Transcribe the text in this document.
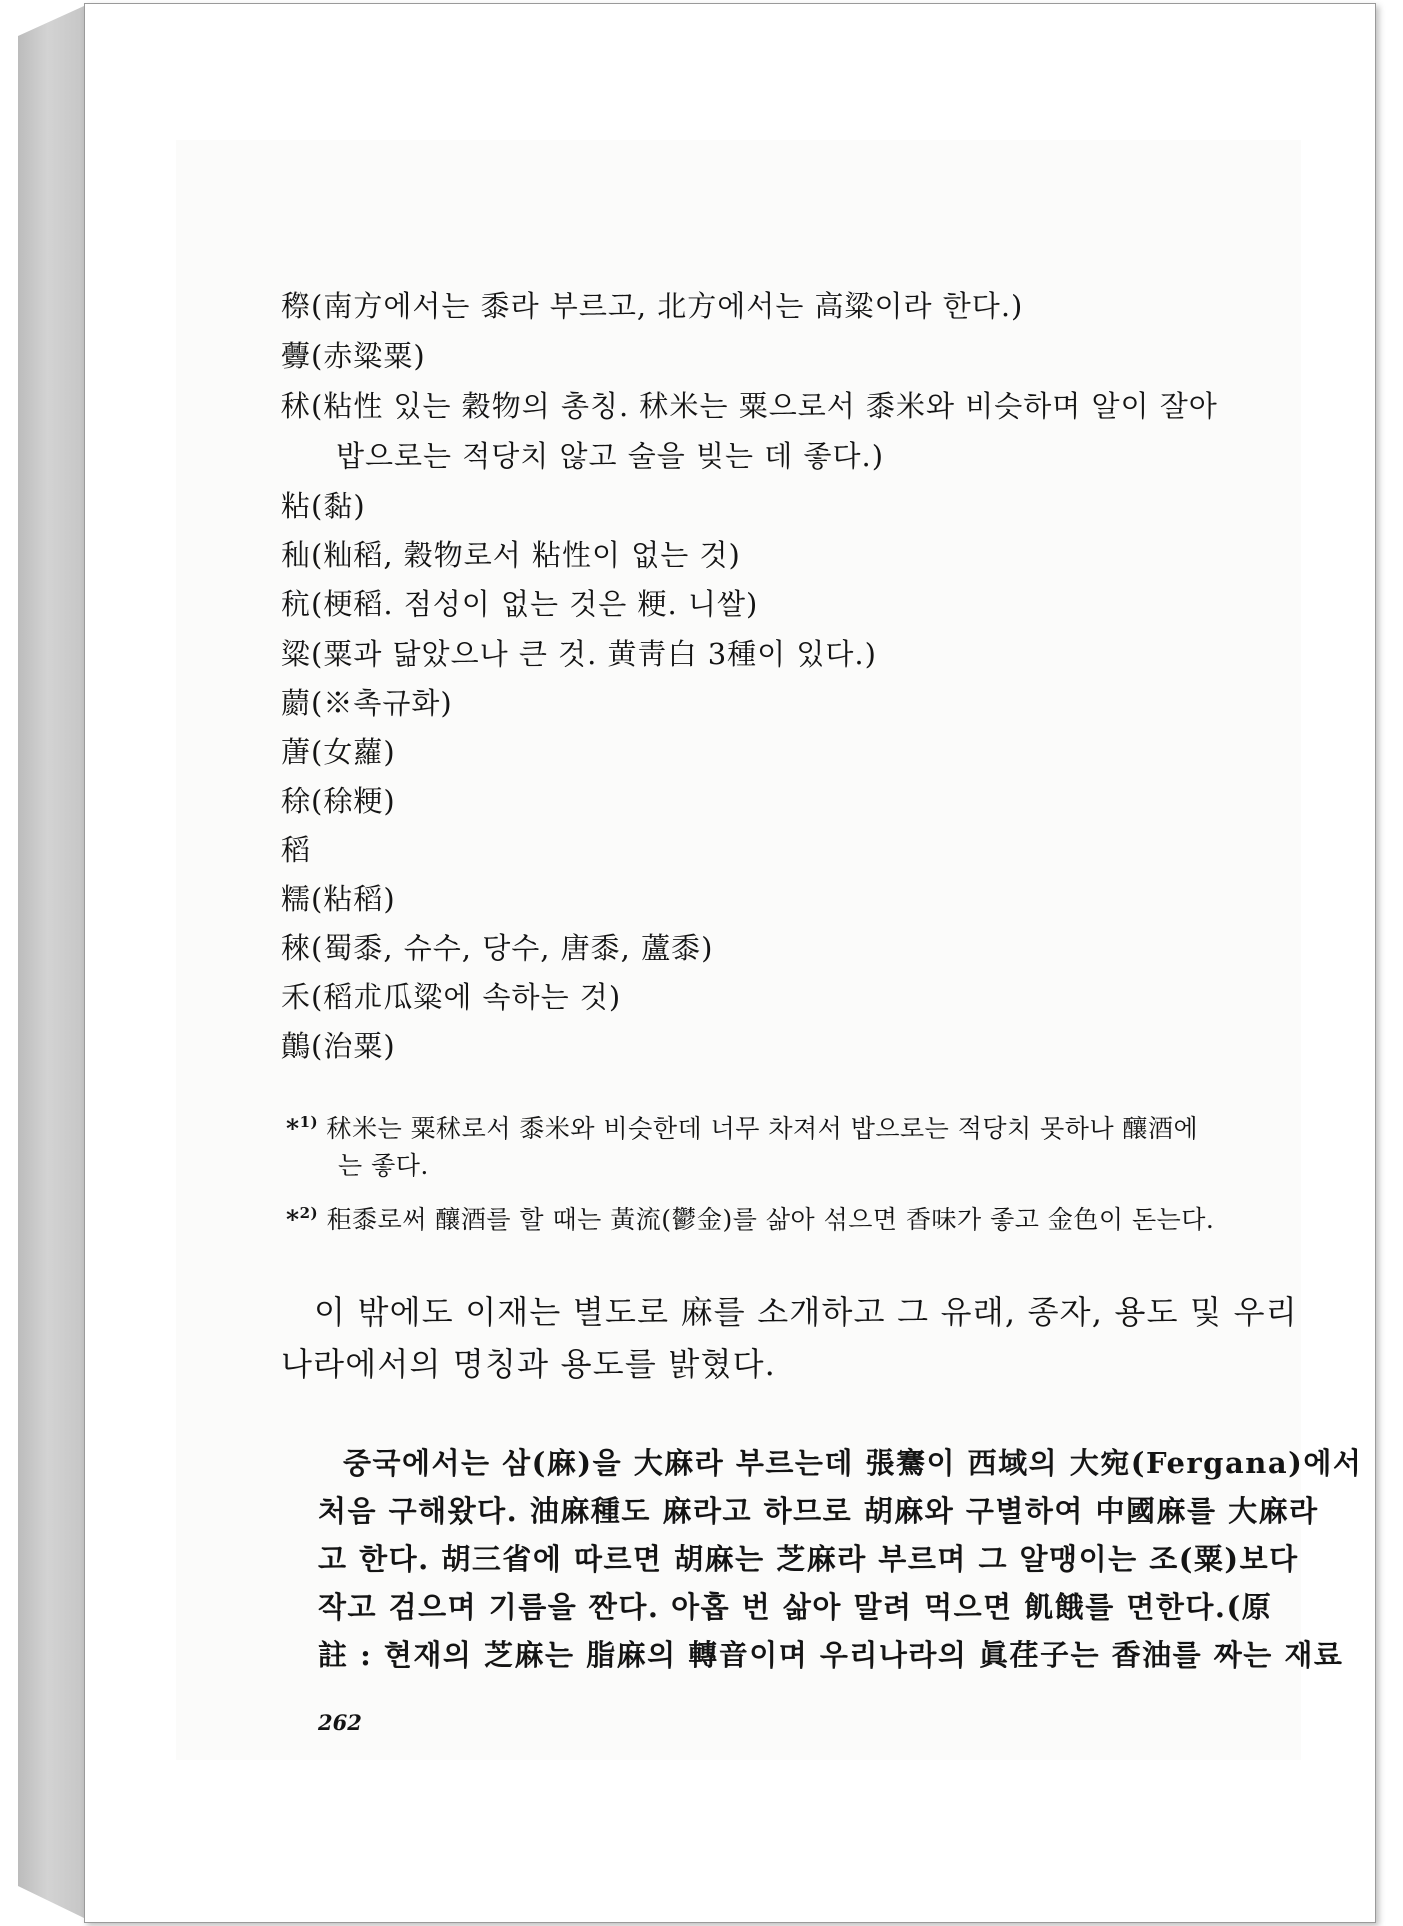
穄(南方에서는 黍라 부르고, 北方에서는 高粱이라 한다.)
虋(赤粱粟)
秫(粘性 있는 穀物의 총칭. 秫米는 粟으로서 黍米와 비슷하며 알이 잘아
밥으로는 적당치 않고 술을 빚는 데 좋다.)
粘(黏)
秈(籼稻, 穀物로서 粘性이 없는 것)
秔(梗稻. 점성이 없는 것은 粳. 니쌀)
粱(粟과 닮았으나 큰 것. 黄靑白 3種이 있다.)
蘮(※촉규화)
蓎(女蘿)
稌(稌粳)
稻
糯(粘稻)
䅘(蜀黍, 슈수, 당수, 唐黍, 蘆黍)
禾(稻朮瓜粱에 속하는 것)
䴅(治粟)
*$^{1)}$ 秫米는 粟秫로서 黍米와 비슷한데 너무 차져서 밥으로는 적당치 못하나 釀酒에
는 좋다.
*$^{2)}$ 秬黍로써 釀酒를 할 때는 黃流(鬱金)를 삶아 섞으면 香味가 좋고 金色이 돈는다.
이 밖에도 이재는 별도로 麻를 소개하고 그 유래, 종자, 용도 및 우리
나라에서의 명칭과 용도를 밝혔다.
중국에서는 삼(麻)을 大麻라 부르는데 張騫이 西域의 大宛(Fergana)에서
처음 구해왔다. 油麻種도 麻라고 하므로 胡麻와 구별하여 中國麻를 大麻라
고 한다. 胡三省에 따르면 胡麻는 芝麻라 부르며 그 알맹이는 조(粟)보다
작고 검으며 기름을 짠다. 아홉 번 삶아 말려 먹으면 飢餓를 면한다.(原
註 : 현재의 芝麻는 脂麻의 轉音이며 우리나라의 眞荏子는 香油를 짜는 재료
262
